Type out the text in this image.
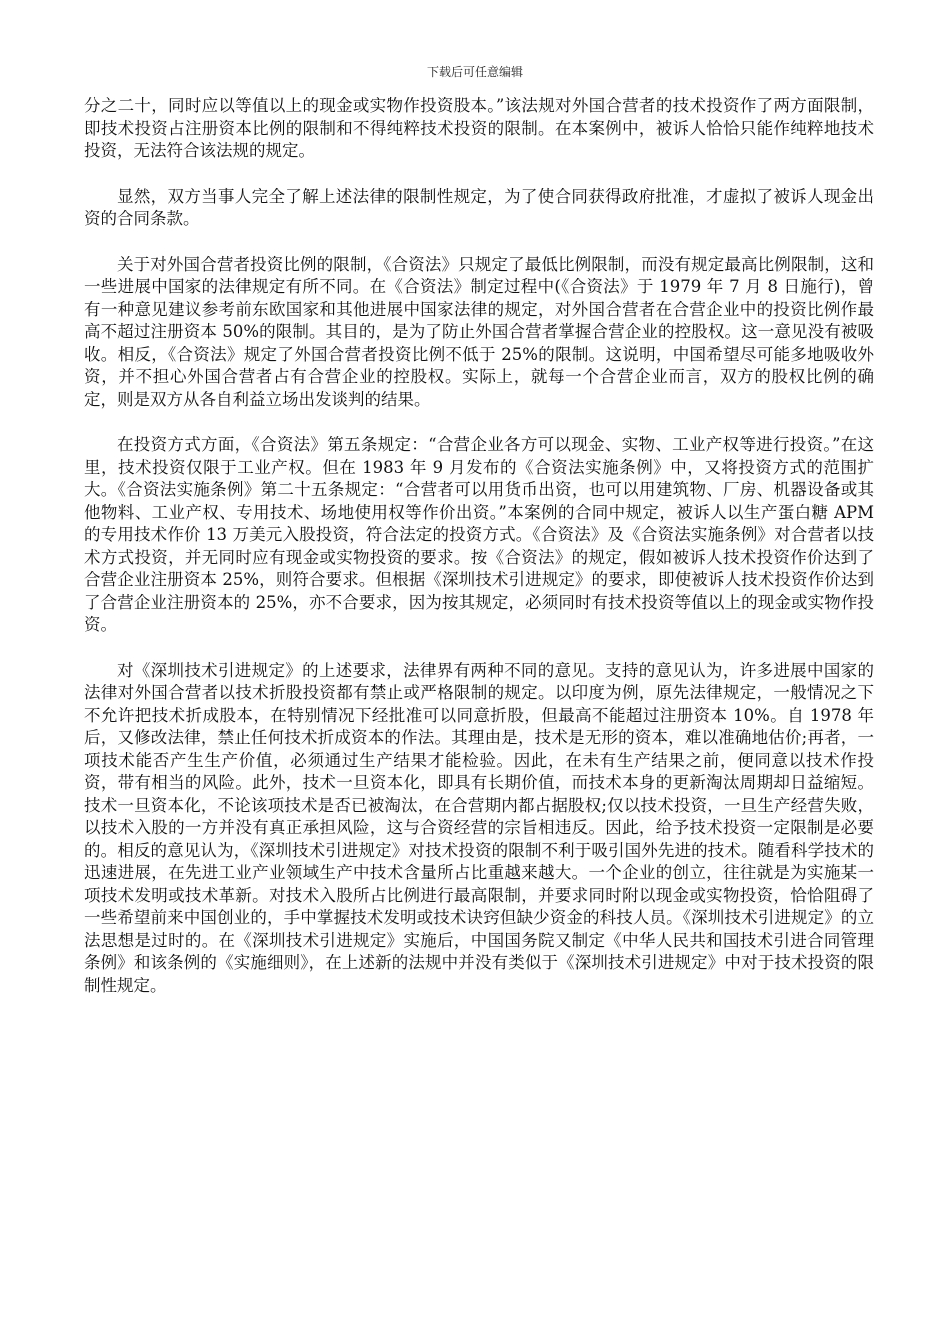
下载后可任意编辑

分之二十，同时应以等值以上的现金或实物作投资股本。”该法规对外国合营者的技术投资作了两方面限制，即技术投资占注册资本比例的限制和不得纯粹技术投资的限制。在本案例中，被诉人恰恰只能作纯粹地技术投资，无法符合该法规的规定。

显然，双方当事人完全了解上述法律的限制性规定，为了使合同获得政府批准，才虚拟了被诉人现金出资的合同条款。

关于对外国合营者投资比例的限制，《合资法》只规定了最低比例限制，而没有规定最高比例限制，这和一些进展中国家的法律规定有所不同。在《合资法》制定过程中(《合资法》于 1979 年 7 月 8 日施行)，曾有一种意见建议参考前东欧国家和其他进展中国家法律的规定，对外国合营者在合营企业中的投资比例作最高不超过注册资本 50%的限制。其目的，是为了防止外国合营者掌握合营企业的控股权。这一意见没有被吸收。相反，《合资法》规定了外国合营者投资比例不低于 25%的限制。这说明，中国希望尽可能多地吸收外资，并不担心外国合营者占有合营企业的控股权。实际上，就每一个合营企业而言，双方的股权比例的确定，则是双方从各自利益立场出发谈判的结果。

在投资方式方面，《合资法》第五条规定：“合营企业各方可以现金、实物、工业产权等进行投资。”在这里，技术投资仅限于工业产权。但在 1983 年 9 月发布的《合资法实施条例》中，又将投资方式的范围扩大。《合资法实施条例》第二十五条规定：“合营者可以用货币出资，也可以用建筑物、厂房、机器设备或其他物料、工业产权、专用技术、场地使用权等作价出资。”本案例的合同中规定，被诉人以生产蛋白糖 APM 的专用技术作价 13 万美元入股投资，符合法定的投资方式。《合资法》及《合资法实施条例》对合营者以技术方式投资，并无同时应有现金或实物投资的要求。按《合资法》的规定，假如被诉人技术投资作价达到了合营企业注册资本 25%，则符合要求。但根据《深圳技术引进规定》的要求，即使被诉人技术投资作价达到了合营企业注册资本的 25%，亦不合要求，因为按其规定，必须同时有技术投资等值以上的现金或实物作投资。

对《深圳技术引进规定》的上述要求，法律界有两种不同的意见。支持的意见认为，许多进展中国家的法律对外国合营者以技术折股投资都有禁止或严格限制的规定。以印度为例，原先法律规定，一般情况之下不允许把技术折成股本，在特别情况下经批准可以同意折股，但最高不能超过注册资本 10%。自 1978 年后，又修改法律，禁止任何技术折成资本的作法。其理由是，技术是无形的资本，难以准确地估价;再者，一项技术能否产生生产价值，必须通过生产结果才能检验。因此，在未有生产结果之前，便同意以技术作投资，带有相当的风险。此外，技术一旦资本化，即具有长期价值，而技术本身的更新淘汰周期却日益缩短。技术一旦资本化，不论该项技术是否已被淘汰，在合营期内都占据股权;仅以技术投资，一旦生产经营失败，以技术入股的一方并没有真正承担风险，这与合资经营的宗旨相违反。因此，给予技术投资一定限制是必要的。相反的意见认为，《深圳技术引进规定》对技术投资的限制不利于吸引国外先进的技术。随看科学技术的迅速进展，在先进工业产业领域生产中技术含量所占比重越来越大。一个企业的创立，往往就是为实施某一项技术发明或技术革新。对技术入股所占比例进行最高限制，并要求同时附以现金或实物投资，恰恰阻碍了一些希望前来中国创业的，手中掌握技术发明或技术诀窍但缺少资金的科技人员。《深圳技术引进规定》的立法思想是过时的。在《深圳技术引进规定》实施后，中国国务院又制定《中华人民共和国技术引进合同管理条例》和该条例的《实施细则》，在上述新的法规中并没有类似于《深圳技术引进规定》中对于技术投资的限制性规定。
